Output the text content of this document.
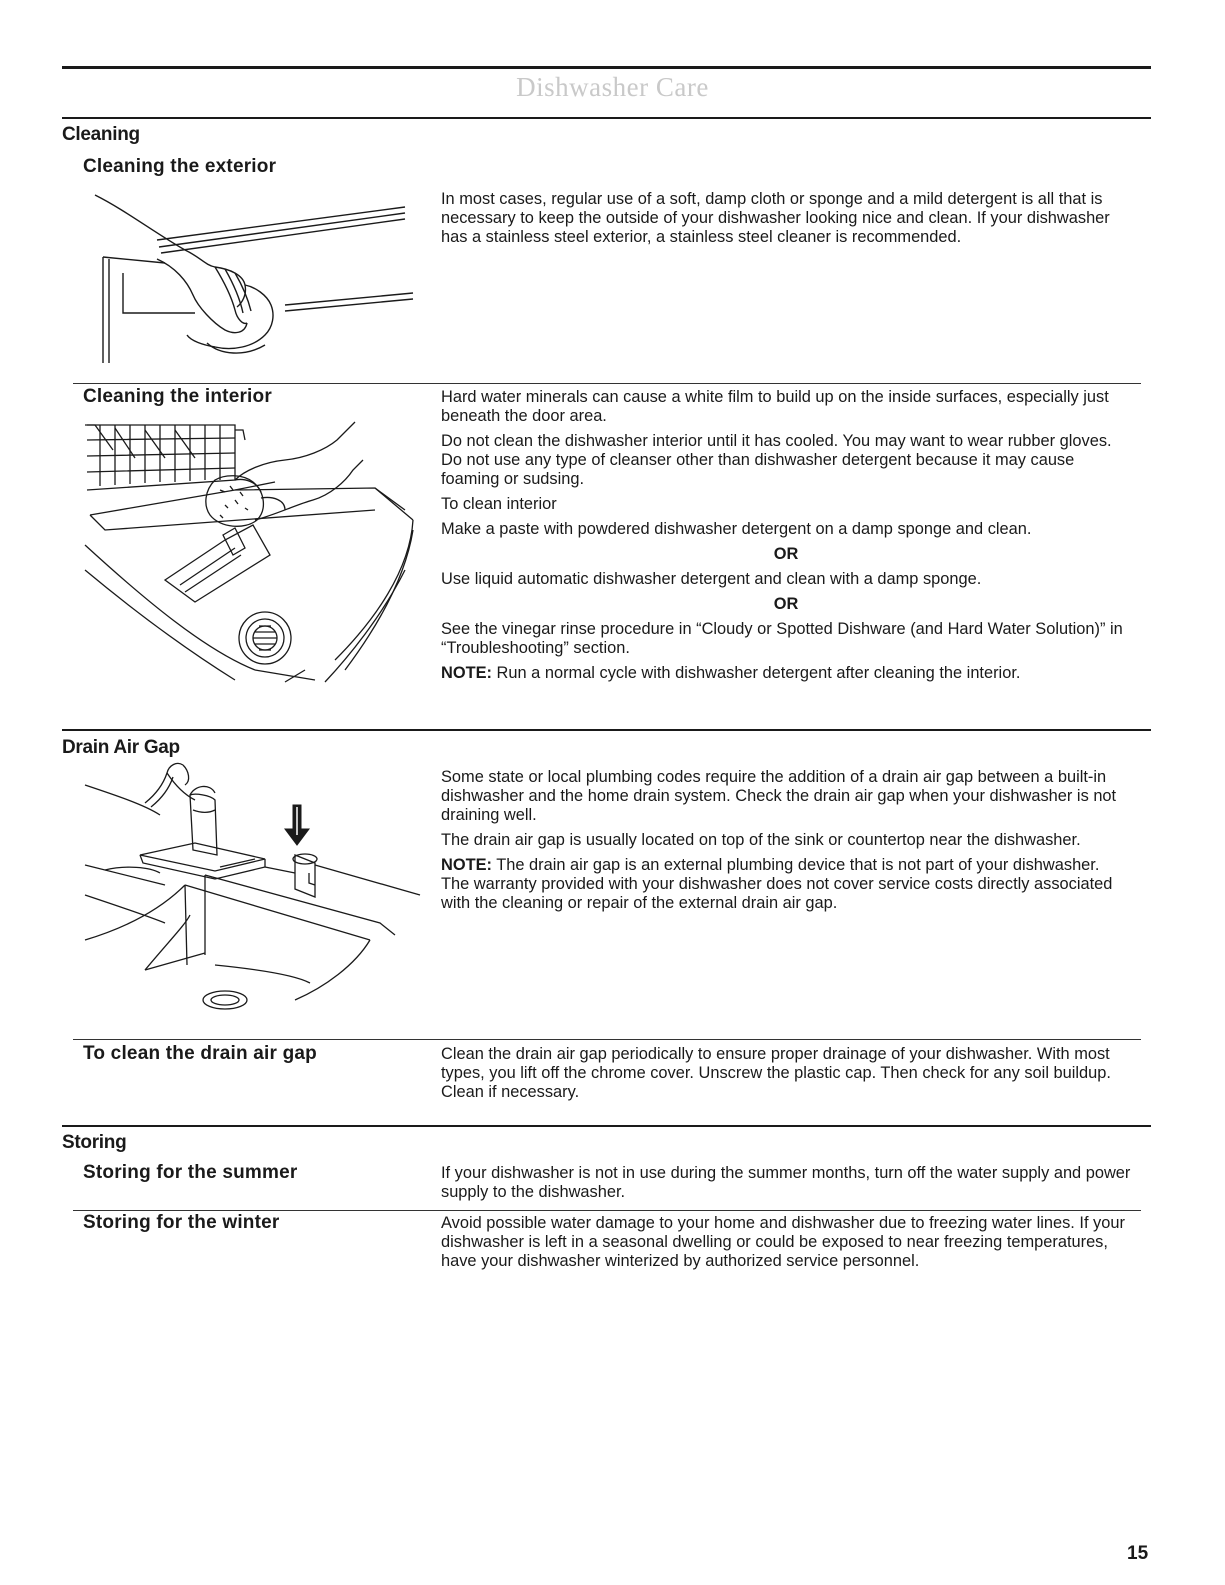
Dishwasher Care
Cleaning
Cleaning the exterior

In most cases, regular use of a soft, damp cloth or sponge and a mild detergent is all that is necessary to keep the outside of your dishwasher looking nice and clean. If your dishwasher has a stainless steel exterior, a stainless steel cleaner is recommended.

Cleaning the interior	Hard water minerals can cause a white film to build up on the inside surfaces, especially just beneath the door area.

Do not clean the dishwasher interior until it has cooled. You may want to wear rubber gloves. Do not use any type of cleanser other than dishwasher detergent because it may cause foaming or sudsing.

To clean interior

Make a paste with powdered dishwasher detergent on a damp sponge and clean.

OR

Use liquid automatic dishwasher detergent and clean with a damp sponge.

OR

See the vinegar rinse procedure in “Cloudy or Spotted Dishware (and Hard Water Solution)” in “Troubleshooting” section.

NOTE: Run a normal cycle with dishwasher detergent after cleaning the interior.

Drain Air Gap

Some state or local plumbing codes require the addition of a drain air gap between a built-in dishwasher and the home drain system. Check the drain air gap when your dishwasher is not draining well.

The drain air gap is usually located on top of the sink or countertop near the dishwasher.

NOTE: The drain air gap is an external plumbing device that is not part of your dishwasher. The warranty provided with your dishwasher does not cover service costs directly associated with the cleaning or repair of the external drain air gap.

To clean the drain air gap	Clean the drain air gap periodically to ensure proper drainage of your dishwasher. With most types, you lift off the chrome cover. Unscrew the plastic cap. Then check for any soil buildup. Clean if necessary.

Storing
Storing for the summer	If your dishwasher is not in use during the summer months, turn off the water supply and power supply to the dishwasher.

Storing for the winter	Avoid possible water damage to your home and dishwasher due to freezing water lines. If your dishwasher is left in a seasonal dwelling or could be exposed to near freezing temperatures, have your dishwasher winterized by authorized service personnel.

15
